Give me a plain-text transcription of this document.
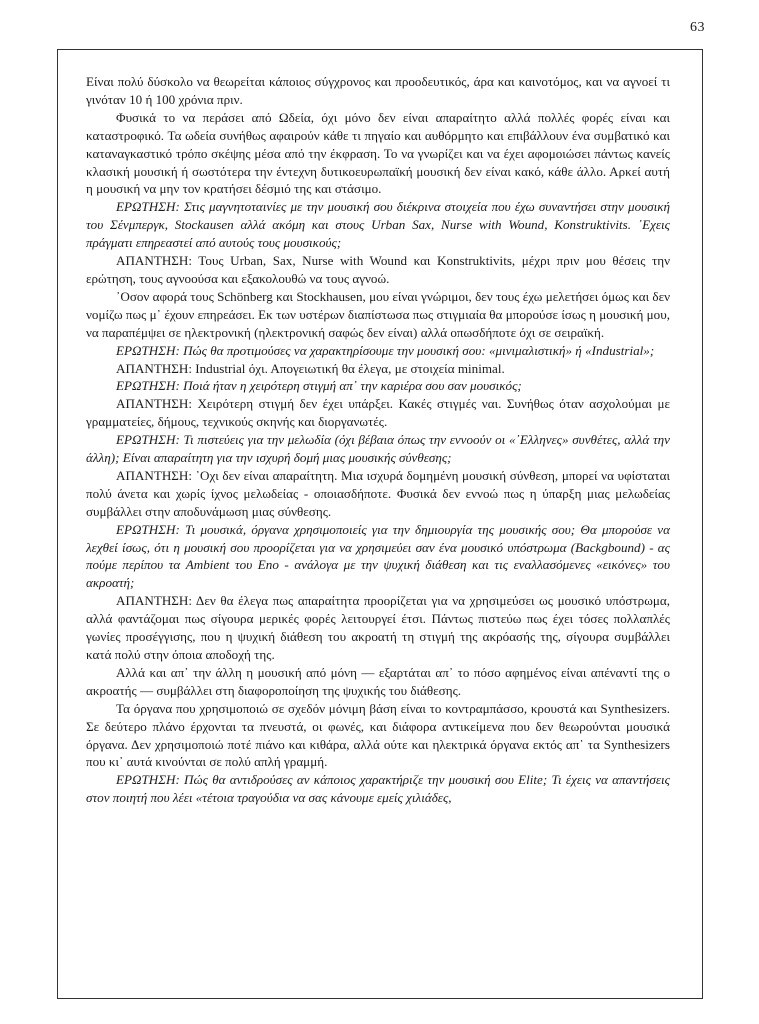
63

Είναι πολύ δύσκολο να θεωρείται κάποιος σύγχρονος και προοδευτικός, άρα και καινοτόμος, και να αγνοεί τι γινόταν 10 ή 100 χρόνια πριν.

Φυσικά το να περάσει από Ωδεία, όχι μόνο δεν είναι απαραίτητο αλλά πολλές φορές είναι και καταστροφικό. Τα ωδεία συνήθως αφαιρούν κάθε τι πηγαίο και αυθόρμητο και επιβάλλουν ένα συμβατικό και καταναγκαστικό τρόπο σκέψης μέσα από την έκφραση. Το να γνωρίζει και να έχει αφομοιώσει πάντως κανείς κλασική μουσική ή σωστότερα την έντεχνη δυτικοευρωπαϊκή μουσική δεν είναι κακό, κάθε άλλο. Αρκεί αυτή η μουσική να μην τον κρατήσει δέσμιό της και στάσιμο.

ΕΡΩΤΗΣΗ: Στις μαγνητοταινίες με την μουσική σου διέκρινα στοιχεία που έχω συναντήσει στην μουσική του Σένμπεργκ, Stockausen αλλά ακόμη και στους Urban Sax, Nurse with Wound, Konstruktivits. ᾿Εχεις πράγματι επηρεαστεί από αυτούς τους μουσικούς;

ΑΠΑΝΤΗΣΗ: Τους Urban, Sax, Nurse with Wound και Konstruktivits, μέχρι πριν μου θέσεις την ερώτηση, τους αγνοούσα και εξακολουθώ να τους αγνοώ.

᾿Οσον αφορά τους Schönberg και Stockhausen, μου είναι γνώριμοι, δεν τους έχω μελετήσει όμως και δεν νομίζω πως μ᾿ έχουν επηρεάσει. Εκ των υστέρων διαπίστωσα πως στιγμιαία θα μπορούσε ίσως η μουσική μου, να παραπέμψει σε ηλεκτρονική (ηλεκτρονική σαφώς δεν είναι) αλλά οπωσδήποτε όχι σε σειραϊκή.

ΕΡΩΤΗΣΗ: Πώς θα προτιμούσες να χαρακτηρίσουμε την μουσική σου: «μινιμαλιστική» ή «Industrial»;

ΑΠΑΝΤΗΣΗ: Industrial όχι. Απογειωτική θα έλεγα, με στοιχεία minimal.

ΕΡΩΤΗΣΗ: Ποιά ήταν η χειρότερη στιγμή απ᾿ την καριέρα σου σαν μουσικός;

ΑΠΑΝΤΗΣΗ: Χειρότερη στιγμή δεν έχει υπάρξει. Κακές στιγμές ναι. Συνήθως όταν ασχολούμαι με γραμματείες, δήμους, τεχνικούς σκηνής και διοργανωτές.

ΕΡΩΤΗΣΗ: Τι πιστεύεις για την μελωδία (όχι βέβαια όπως την εννοούν οι «᾿Ελληνες» συνθέτες, αλλά την άλλη); Είναι απαραίτητη για την ισχυρή δομή μιας μουσικής σύνθεσης;

ΑΠΑΝΤΗΣΗ: ᾿Οχι δεν είναι απαραίτητη. Μια ισχυρά δομημένη μουσική σύνθεση, μπορεί να υφίσταται πολύ άνετα και χωρίς ίχνος μελωδείας - οποιασδήποτε. Φυσικά δεν εννοώ πως η ύπαρξη μιας μελωδείας συμβάλλει στην αποδυνάμωση μιας σύνθεσης.

ΕΡΩΤΗΣΗ: Τι μουσικά, όργανα χρησιμοποιείς για την δημιουργία της μουσικής σου; Θα μπορούσε να λεχθεί ίσως, ότι η μουσική σου προορίζεται για να χρησιμεύει σαν ένα μουσικό υπόστρωμα (Backgbound) - ας πούμε περίπου τα Ambient του Eno - ανάλογα με την ψυχική διάθεση και τις εναλλασόμενες «εικόνες» του ακροατή;

ΑΠΑΝΤΗΣΗ: Δεν θα έλεγα πως απαραίτητα προορίζεται για να χρησιμεύσει ως μουσικό υπόστρωμα, αλλά φαντάζομαι πως σίγουρα μερικές φορές λειτουργεί έτσι. Πάντως πιστεύω πως έχει τόσες πολλαπλές γωνίες προσέγγισης, που η ψυχική διάθεση του ακροατή τη στιγμή της ακρόασής της, σίγουρα συμβάλλει κατά πολύ στην όποια αποδοχή της.

Αλλά και απ᾿ την άλλη η μουσική από μόνη — εξαρτάται απ᾿ το πόσο αφημένος είναι απέναντί της ο ακροατής — συμβάλλει στη διαφοροποίηση της ψυχικής του διάθεσης.

Τα όργανα που χρησιμοποιώ σε σχεδόν μόνιμη βάση είναι το κοντραμπάσσο, κρουστά και Synthesizers. Σε δεύτερο πλάνο έρχονται τα πνευστά, οι φωνές, και διάφορα αντικείμενα που δεν θεωρούνται μουσικά όργανα. Δεν χρησιμοποιώ ποτέ πιάνο και κιθάρα, αλλά ούτε και ηλεκτρικά όργανα εκτός απ᾿ τα Synthesizers που κι᾿ αυτά κινούνται σε πολύ απλή γραμμή.

ΕΡΩΤΗΣΗ: Πώς θα αντιδρούσες αν κάποιος χαρακτήριζε την μουσική σου Elite; Τι έχεις να απαντήσεις στον ποιητή που λέει «τέτοια τραγούδια να σας κάνουμε εμείς χιλιάδες,
